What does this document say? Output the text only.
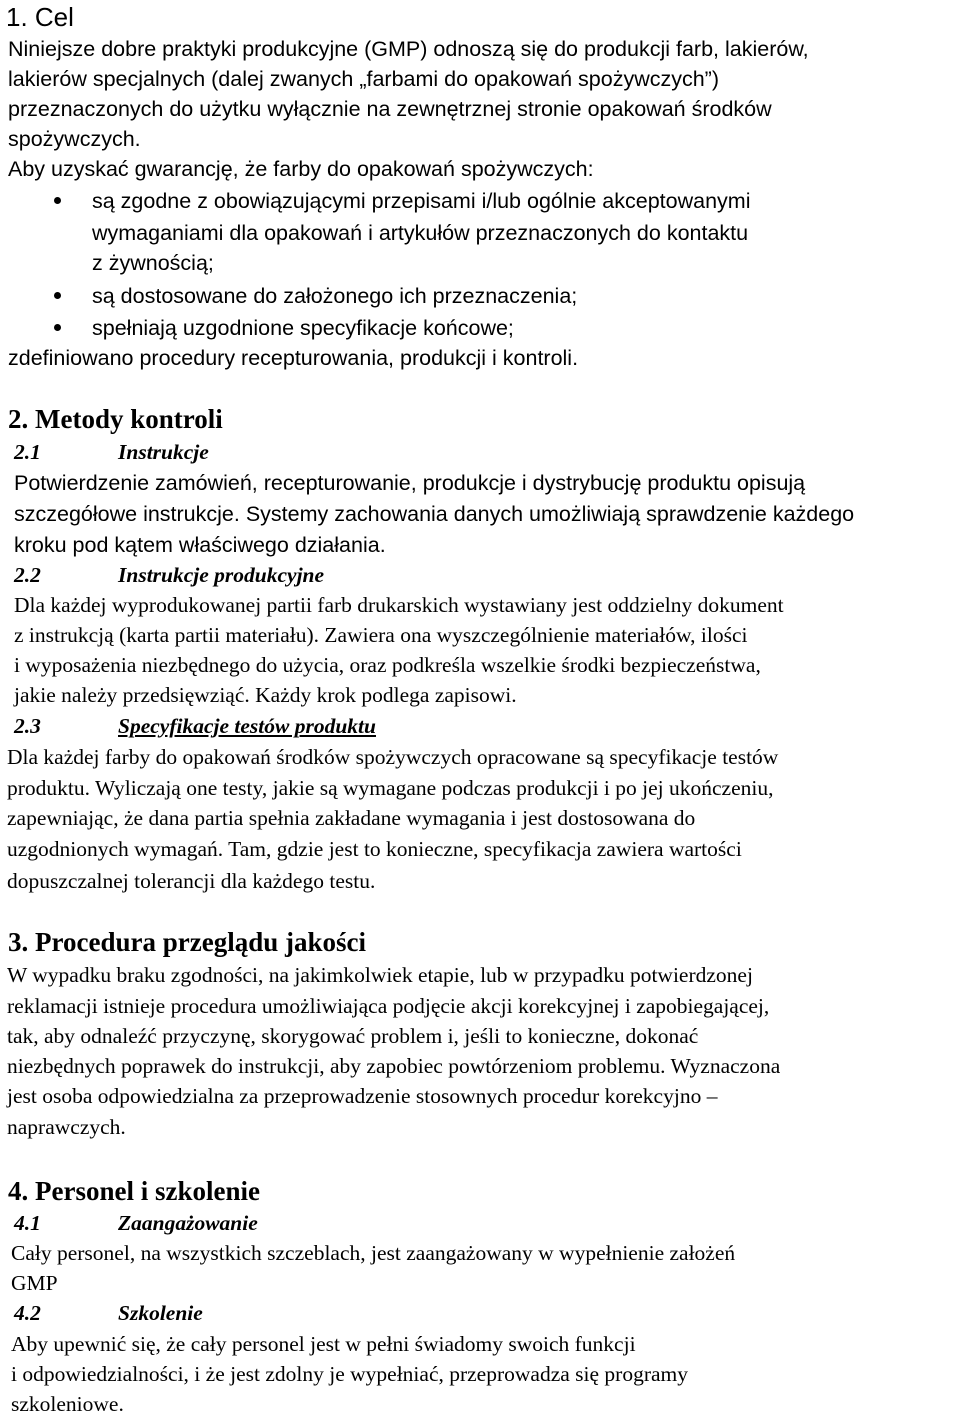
1. Cel
Niniejsze dobre praktyki produkcyjne (GMP) odnoszą się do produkcji farb, lakierów,
lakierów specjalnych (dalej zwanych „farbami do opakowań spożywczych”)
przeznaczonych do użytku wyłącznie na zewnętrznej stronie opakowań środków
spożywczych.
Aby uzyskać gwarancję, że farby do opakowań spożywczych:
są zgodne z obowiązującymi przepisami i/lub ogólnie akceptowanymi
wymaganiami dla opakowań i artykułów przeznaczonych do kontaktu
z żywnością;
są dostosowane do założonego ich przeznaczenia;
spełniają uzgodnione specyfikacje końcowe;
zdefiniowano procedury recepturowania, produkcji i kontroli.
2. Metody kontroli
2.1	Instrukcje
Potwierdzenie zamówień, recepturowanie, produkcje i dystrybucję produktu opisują
szczegółowe instrukcje. Systemy zachowania danych umożliwiają sprawdzenie każdego
kroku pod kątem właściwego działania.
2.2	Instrukcje produkcyjne
Dla każdej wyprodukowanej partii farb drukarskich wystawiany jest oddzielny dokument
z instrukcją (karta partii materiału). Zawiera ona wyszczególnienie materiałów, ilości
i wyposażenia niezbędnego do użycia, oraz podkreśla wszelkie środki bezpieczeństwa,
jakie należy przedsięwziąć. Każdy krok podlega zapisowi.
2.3	Specyfikacje testów produktu
Dla każdej farby do opakowań środków spożywczych opracowane są specyfikacje testów
produktu. Wyliczają one testy, jakie są wymagane podczas produkcji i po jej ukończeniu,
zapewniając, że dana partia spełnia zakładane wymagania i jest dostosowana do
uzgodnionych wymagań. Tam, gdzie jest to konieczne, specyfikacja zawiera wartości
dopuszczalnej tolerancji dla każdego testu.
3. Procedura przeglądu jakości
W wypadku braku zgodności, na jakimkolwiek etapie, lub w przypadku potwierdzonej
reklamacji istnieje procedura umożliwiająca podjęcie akcji korekcyjnej i zapobiegającej,
tak, aby odnaleźć przyczynę, skorygować problem i, jeśli to konieczne, dokonać
niezbędnych poprawek do instrukcji, aby zapobiec powtórzeniom problemu. Wyznaczona
jest osoba odpowiedzialna za przeprowadzenie stosownych procedur korekcyjno –
naprawczych.
4. Personel i szkolenie
4.1	Zaangażowanie
Cały personel, na wszystkich szczeblach, jest zaangażowany w wypełnienie założeń
GMP
4.2	Szkolenie
Aby upewnić się, że cały personel jest w pełni świadomy swoich funkcji
i odpowiedzialności, i że jest zdolny je wypełniać, przeprowadza się programy
szkoleniowe.
